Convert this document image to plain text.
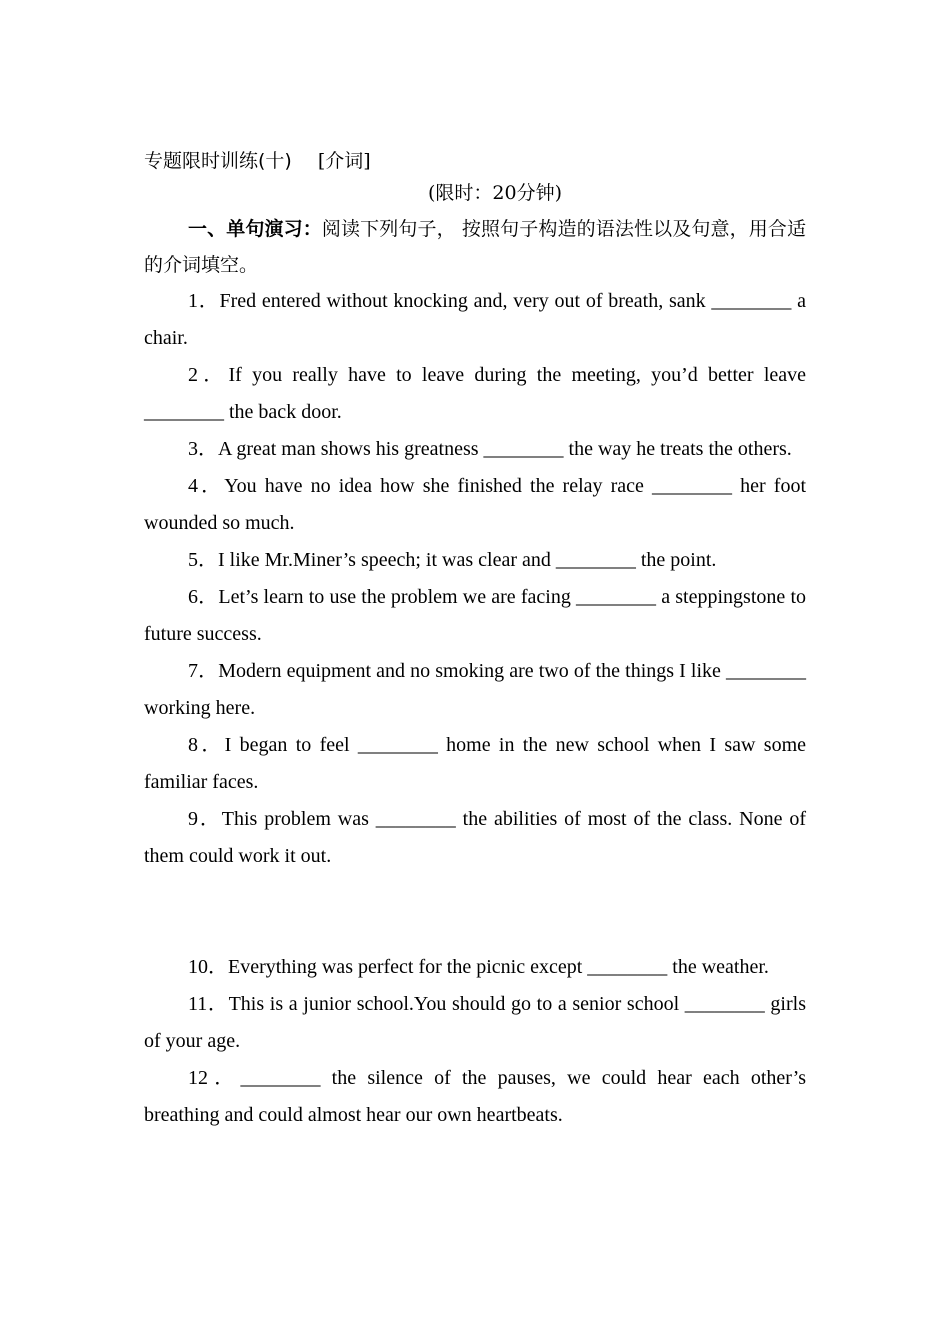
专题限时训练(十) [介词]
(限时：20分钟)
一、单句演习：阅读下列句子， 按照句子构造的语法性以及句意，用合适的介词填空。

1．Fred entered without knocking and, very out of breath, sank ________ a chair.

2．If you really have to leave during the meeting, you’d better leave ________ the back door.

3．A great man shows his greatness ________ the way he treats the others.

4．You have no idea how she finished the relay race ________ her foot wounded so much.

5．I like Mr.Miner’s speech; it was clear and ________ the point.

6．Let’s learn to use the problem we are facing ________ a steppingstone to future success.

7．Modern equipment and no smoking are two of the things I like ________ working here.

8．I began to feel ________ home in the new school when I saw some familiar faces.

9．This problem was ________ the abilities of most of the class. None of them could work it out.

10．Everything was perfect for the picnic except ________ the weather.

11．This is a junior school.You should go to a senior school ________ girls of your age.

12．________ the silence of the pauses, we could hear each other’s breathing and could almost hear our own heartbeats.
